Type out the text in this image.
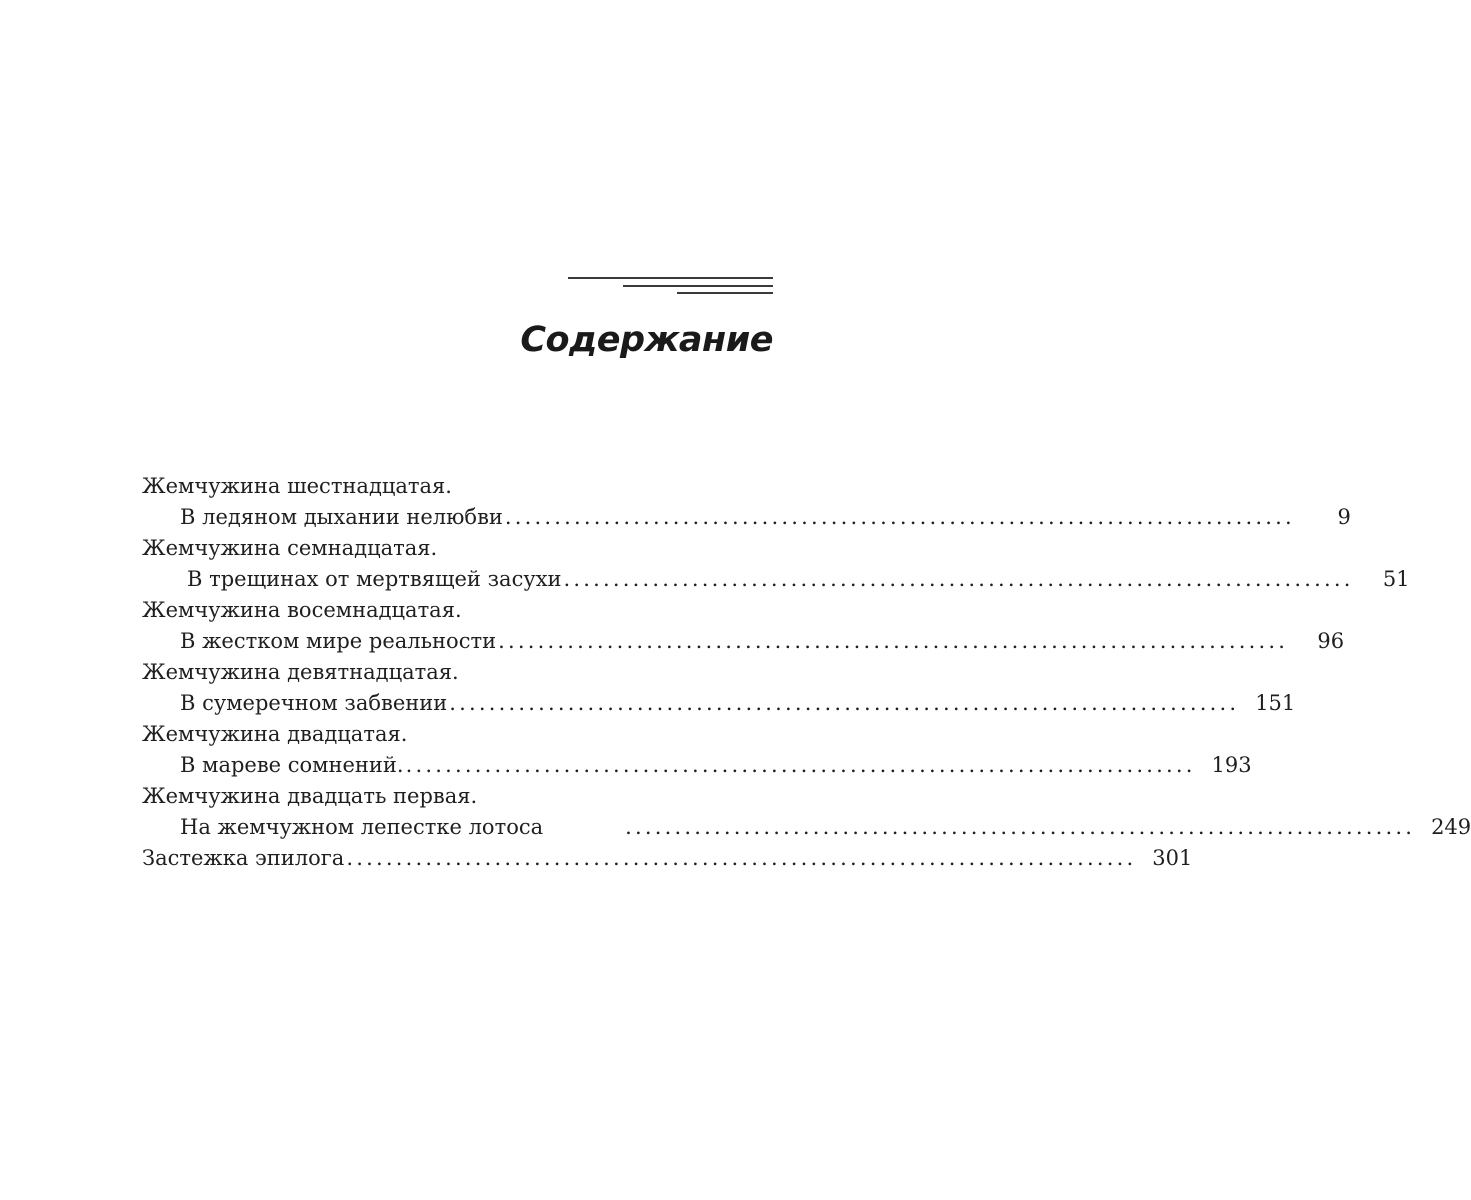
Содержание
Жемчужина шестнадцатая.
В ледяном дыхании нелюбви ................................................................................	9
Жемчужина семнадцатая.
В трещинах от мертвящей засухи ................................................................................	51
Жемчужина восемнадцатая.
В жестком мире реальности ................................................................................	96
Жемчужина девятнадцатая.
В сумеречном забвении ................................................................................ 151
Жемчужина двадцатая.
В мареве сомнений. ................................................................................ 193
Жемчужина двадцать первая.
На жемчужном лепестке лотоса	................................................................................ 249
Застежка эпилога ................................................................................ 301
